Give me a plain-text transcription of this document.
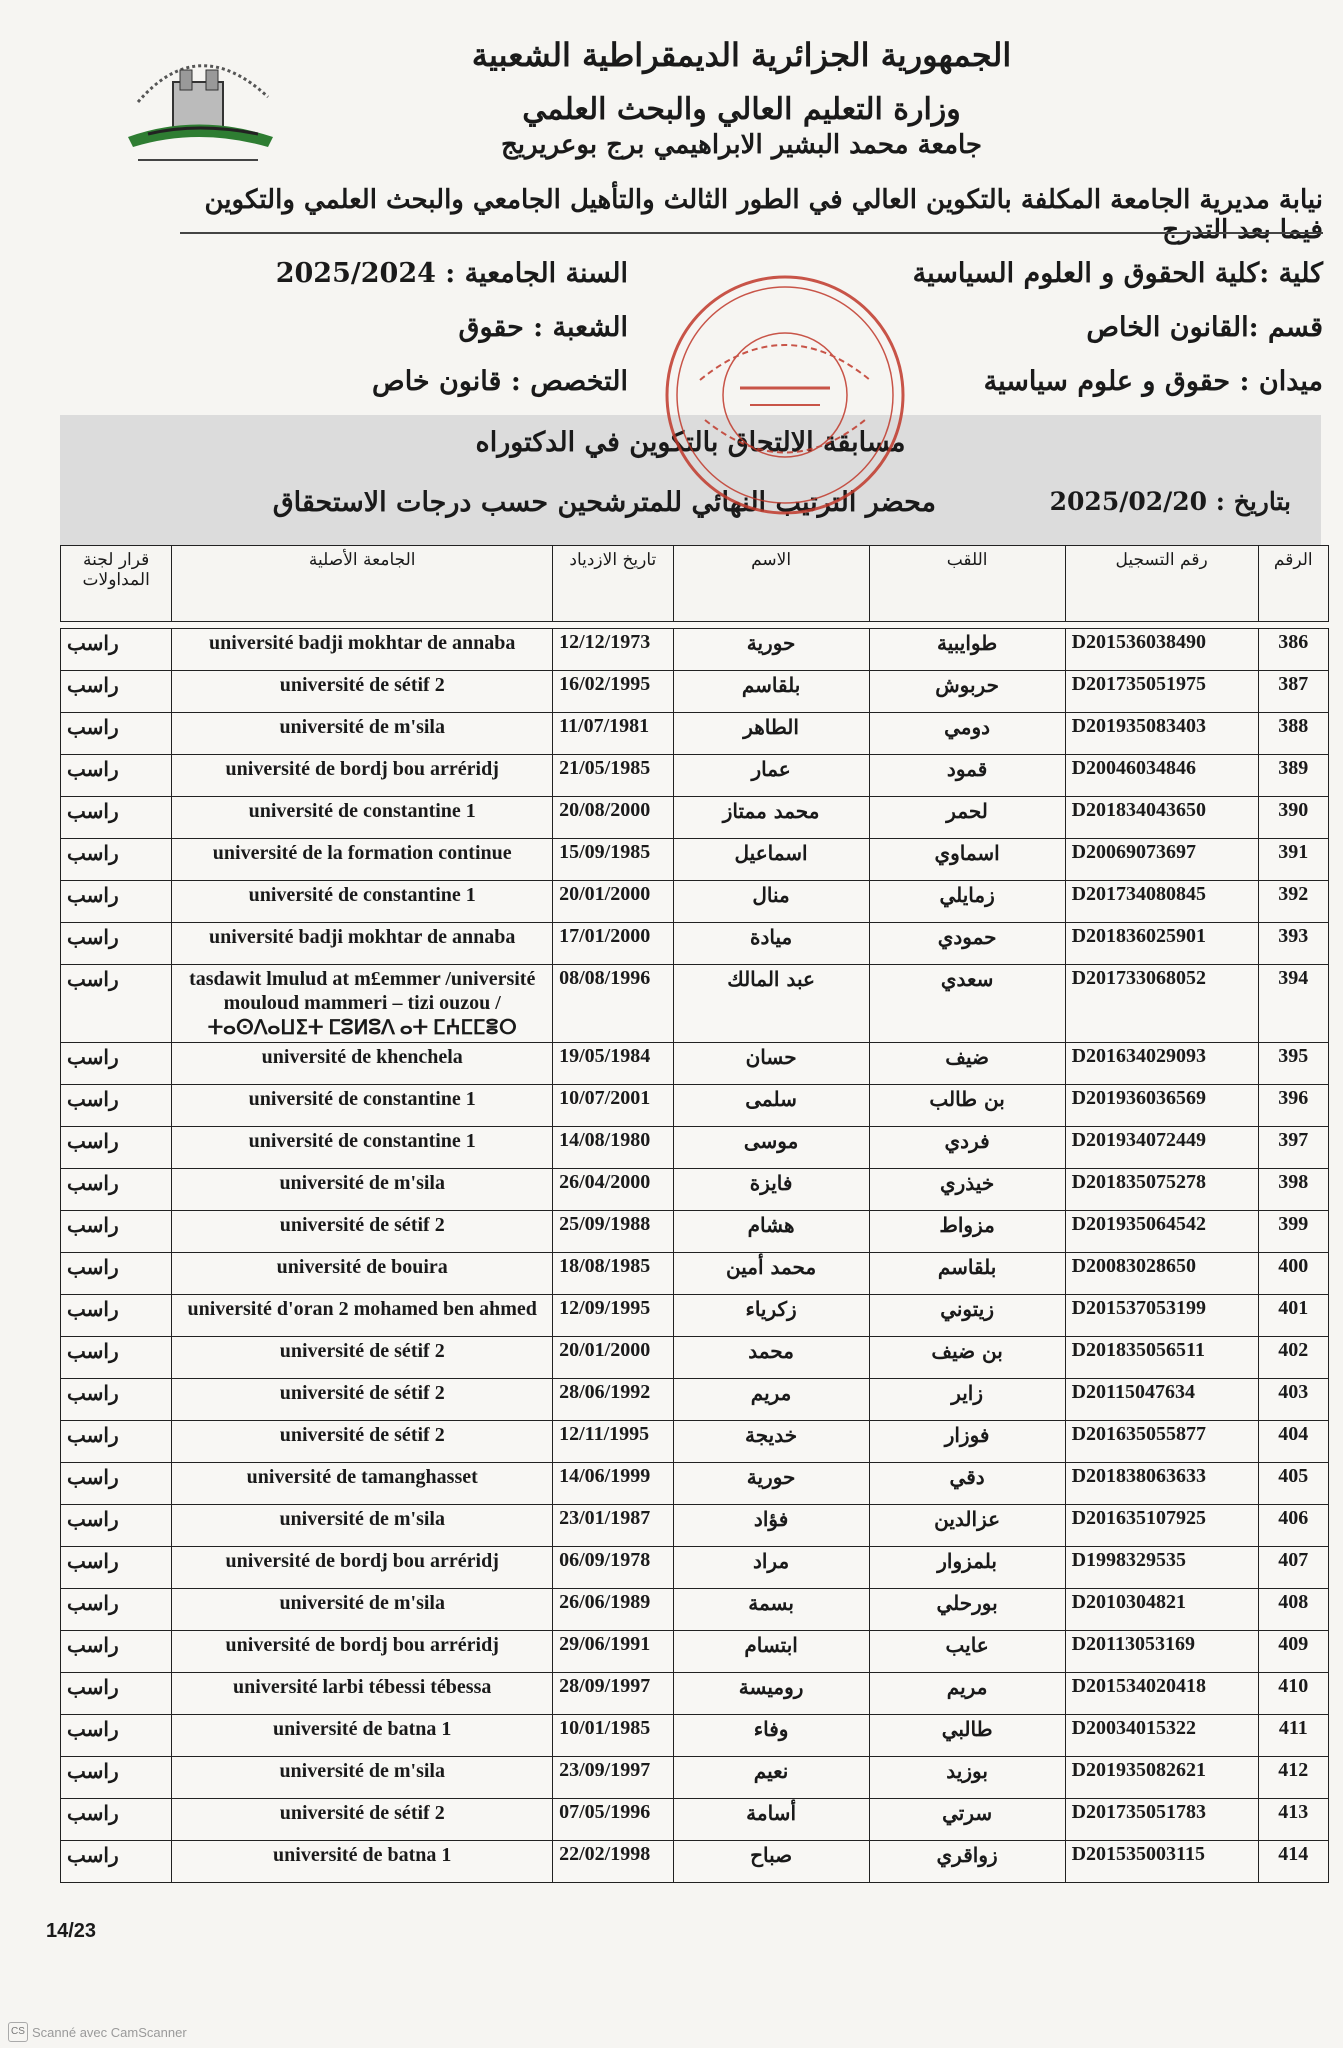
الجمهورية الجزائرية الديمقراطية الشعبية
وزارة التعليم العالي والبحث العلمي
جامعة محمد البشير الابراهيمي برج بوعريريج
نيابة مديرية الجامعة المكلفة بالتكوين العالي في الطور الثالث والتأهيل الجامعي والبحث العلمي والتكوين فيما بعد التدرج
كلية :كلية الحقوق و العلوم السياسية
قسم :القانون الخاص
ميدان : حقوق و علوم سياسية
السنة الجامعية : 2025/2024
الشعبة : حقوق
التخصص : قانون خاص
مسابقة الالتحاق بالتكوين في الدكتوراه
محضر الترتيب النهائي للمترشحين حسب درجات الاستحقاق	بتاريخ : 2025/02/20
الرقم	رقم التسجيل	اللقب	الاسم	تاريخ الازدياد	الجامعة الأصلية	قرار لجنة المداولات

386	D201536038490	طوايبية	حورية	12/12/1973	université badji mokhtar de annaba	راسب
387	D201735051975	حربوش	بلقاسم	16/02/1995	université de sétif 2	راسب
388	D201935083403	دومي	الطاهر	11/07/1981	université de m'sila	راسب
389	D20046034846	قمود	عمار	21/05/1985	université de bordj bou arréridj	راسب
390	D201834043650	لحمر	محمد ممتاز	20/08/2000	université de constantine 1	راسب
391	D20069073697	اسماوي	اسماعيل	15/09/1985	université de la formation continue	راسب
392	D201734080845	زمايلي	منال	20/01/2000	université de constantine 1	راسب
393	D201836025901	حمودي	ميادة	17/01/2000	université badji mokhtar de annaba	راسب
394	D201733068052	سعدي	عبد المالك	08/08/1996	tasdawit lmulud at m£emmer /université mouloud mammeri – tizi ouzou /ⵜⴰⵙⴷⴰⵡⵉⵜ ⵎⵓⵍⵓⴷ ⴰⵜ ⵎⵄⵎⵎⴻⵔ	راسب
395	D201634029093	ضيف	حسان	19/05/1984	université de khenchela	راسب
396	D201936036569	بن طالب	سلمى	10/07/2001	université de constantine 1	راسب
397	D201934072449	فردي	موسى	14/08/1980	université de constantine 1	راسب
398	D201835075278	خيذري	فايزة	26/04/2000	université de m'sila	راسب
399	D201935064542	مزواط	هشام	25/09/1988	université de sétif 2	راسب
400	D20083028650	بلقاسم	محمد أمين	18/08/1985	université de bouira	راسب
401	D201537053199	زيتوني	زكرياء	12/09/1995	université d'oran 2 mohamed ben ahmed	راسب
402	D201835056511	بن ضيف	محمد	20/01/2000	université de sétif 2	راسب
403	D20115047634	زاير	مريم	28/06/1992	université de sétif 2	راسب
404	D201635055877	فوزار	خديجة	12/11/1995	université de sétif 2	راسب
405	D201838063633	دقي	حورية	14/06/1999	université de tamanghasset	راسب
406	D201635107925	عزالدين	فؤاد	23/01/1987	université de m'sila	راسب
407	D1998329535	بلمزوار	مراد	06/09/1978	université de bordj bou arréridj	راسب
408	D2010304821	بورحلي	بسمة	26/06/1989	université de m'sila	راسب
409	D20113053169	عايب	ابتسام	29/06/1991	université de bordj bou arréridj	راسب
410	D201534020418	مريم	روميسة	28/09/1997	université larbi tébessi tébessa	راسب
411	D20034015322	طالبي	وفاء	10/01/1985	université de batna 1	راسب
412	D201935082621	بوزيد	نعيم	23/09/1997	université de m'sila	راسب
413	D201735051783	سرتي	أسامة	07/05/1996	université de sétif 2	راسب
414	D201535003115	زواقري	صباح	22/02/1998	université de batna 1	راسب
14/23
CS Scanné avec CamScanner
